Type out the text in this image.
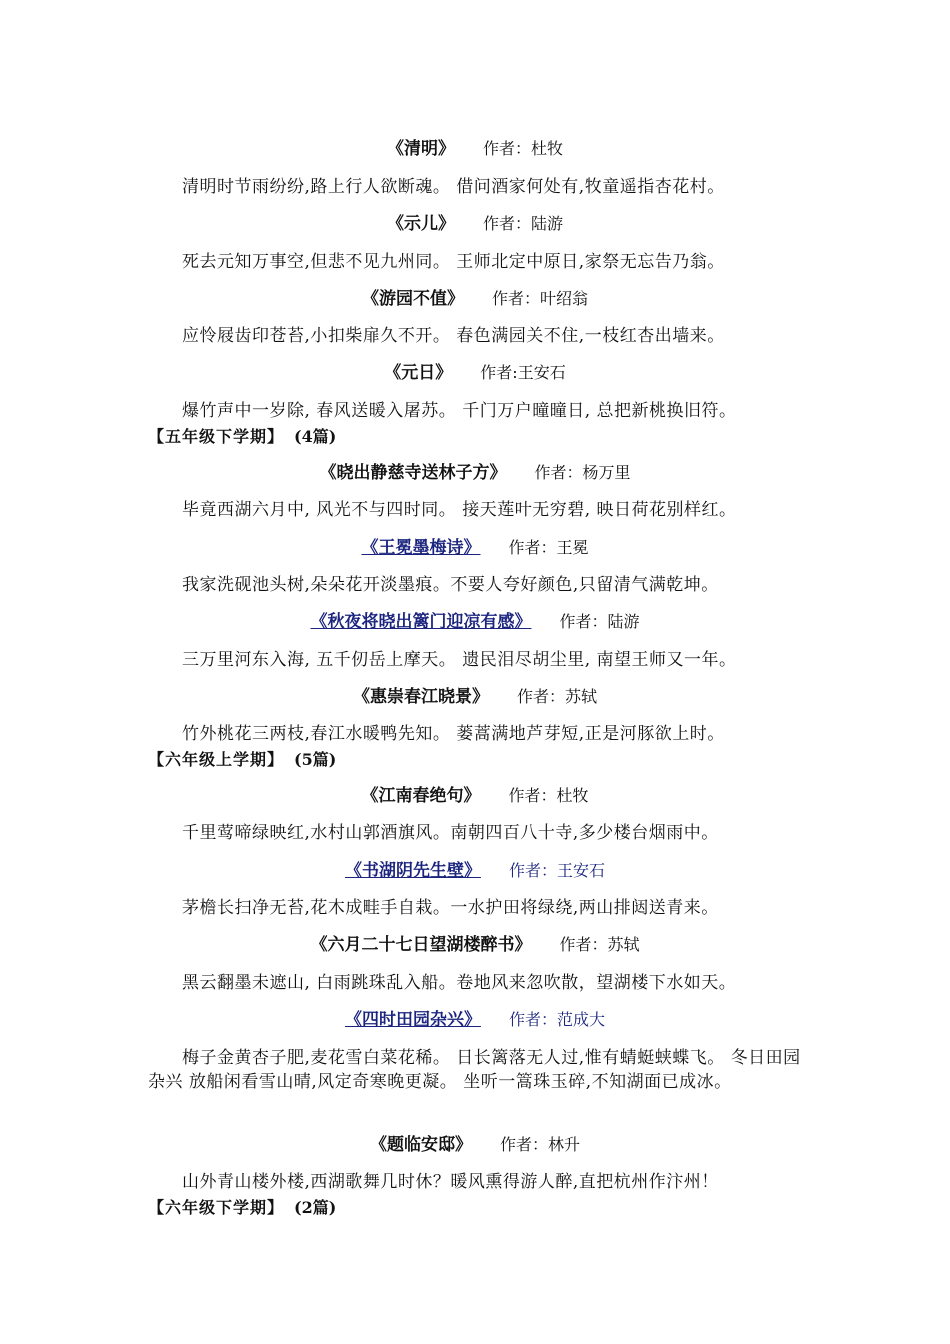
《清明》 作者：杜牧
清明时节雨纷纷,路上行人欲断魂。 借问酒家何处有,牧童遥指杏花村。
《示儿》 作者：陆游
死去元知万事空,但悲不见九州同。 王师北定中原日,家祭无忘告乃翁。
《游园不值》 作者：叶绍翁
应怜屐齿印苍苔,小扣柴扉久不开。 春色满园关不住,一枝红杏出墙来。
《元日》 作者:王安石
爆竹声中一岁除, 春风送暖入屠苏。 千门万户曈曈日, 总把新桃换旧符。
【五年级下学期】 (4篇)
《晓出静慈寺送林子方》 作者：杨万里
毕竟西湖六月中, 风光不与四时同。 接天莲叶无穷碧, 映日荷花别样红。
《王冕墨梅诗》 作者：王冕
我家洗砚池头树,朵朵花开淡墨痕。不要人夸好颜色,只留清气满乾坤。
《秋夜将晓出篱门迎凉有感》 作者：陆游
三万里河东入海, 五千仞岳上摩天。 遗民泪尽胡尘里, 南望王师又一年。
《惠崇春江晓景》 作者：苏轼
竹外桃花三两枝,春江水暖鸭先知。 蒌蒿满地芦芽短,正是河豚欲上时。
【六年级上学期】 (5篇)
《江南春绝句》 作者：杜牧
千里莺啼绿映红,水村山郭酒旗风。南朝四百八十寺,多少楼台烟雨中。
《书湖阴先生壁》 作者：王安石
茅檐长扫净无苔,花木成畦手自栽。一水护田将绿绕,两山排闼送青来。
《六月二十七日望湖楼醉书》 作者：苏轼
黑云翻墨未遮山, 白雨跳珠乱入船。卷地风来忽吹散，望湖楼下水如天。
《四时田园杂兴》 作者：范成大
梅子金黄杏子肥,麦花雪白菜花稀。 日长篱落无人过,惟有蜻蜓蛱蝶飞。 冬日田园杂兴 放船闲看雪山晴,风定奇寒晚更凝。 坐听一篙珠玉碎,不知湖面已成冰。
《题临安邸》 作者：林升
山外青山楼外楼,西湖歌舞几时休？暖风熏得游人醉,直把杭州作汴州！
【六年级下学期】 (2篇)
